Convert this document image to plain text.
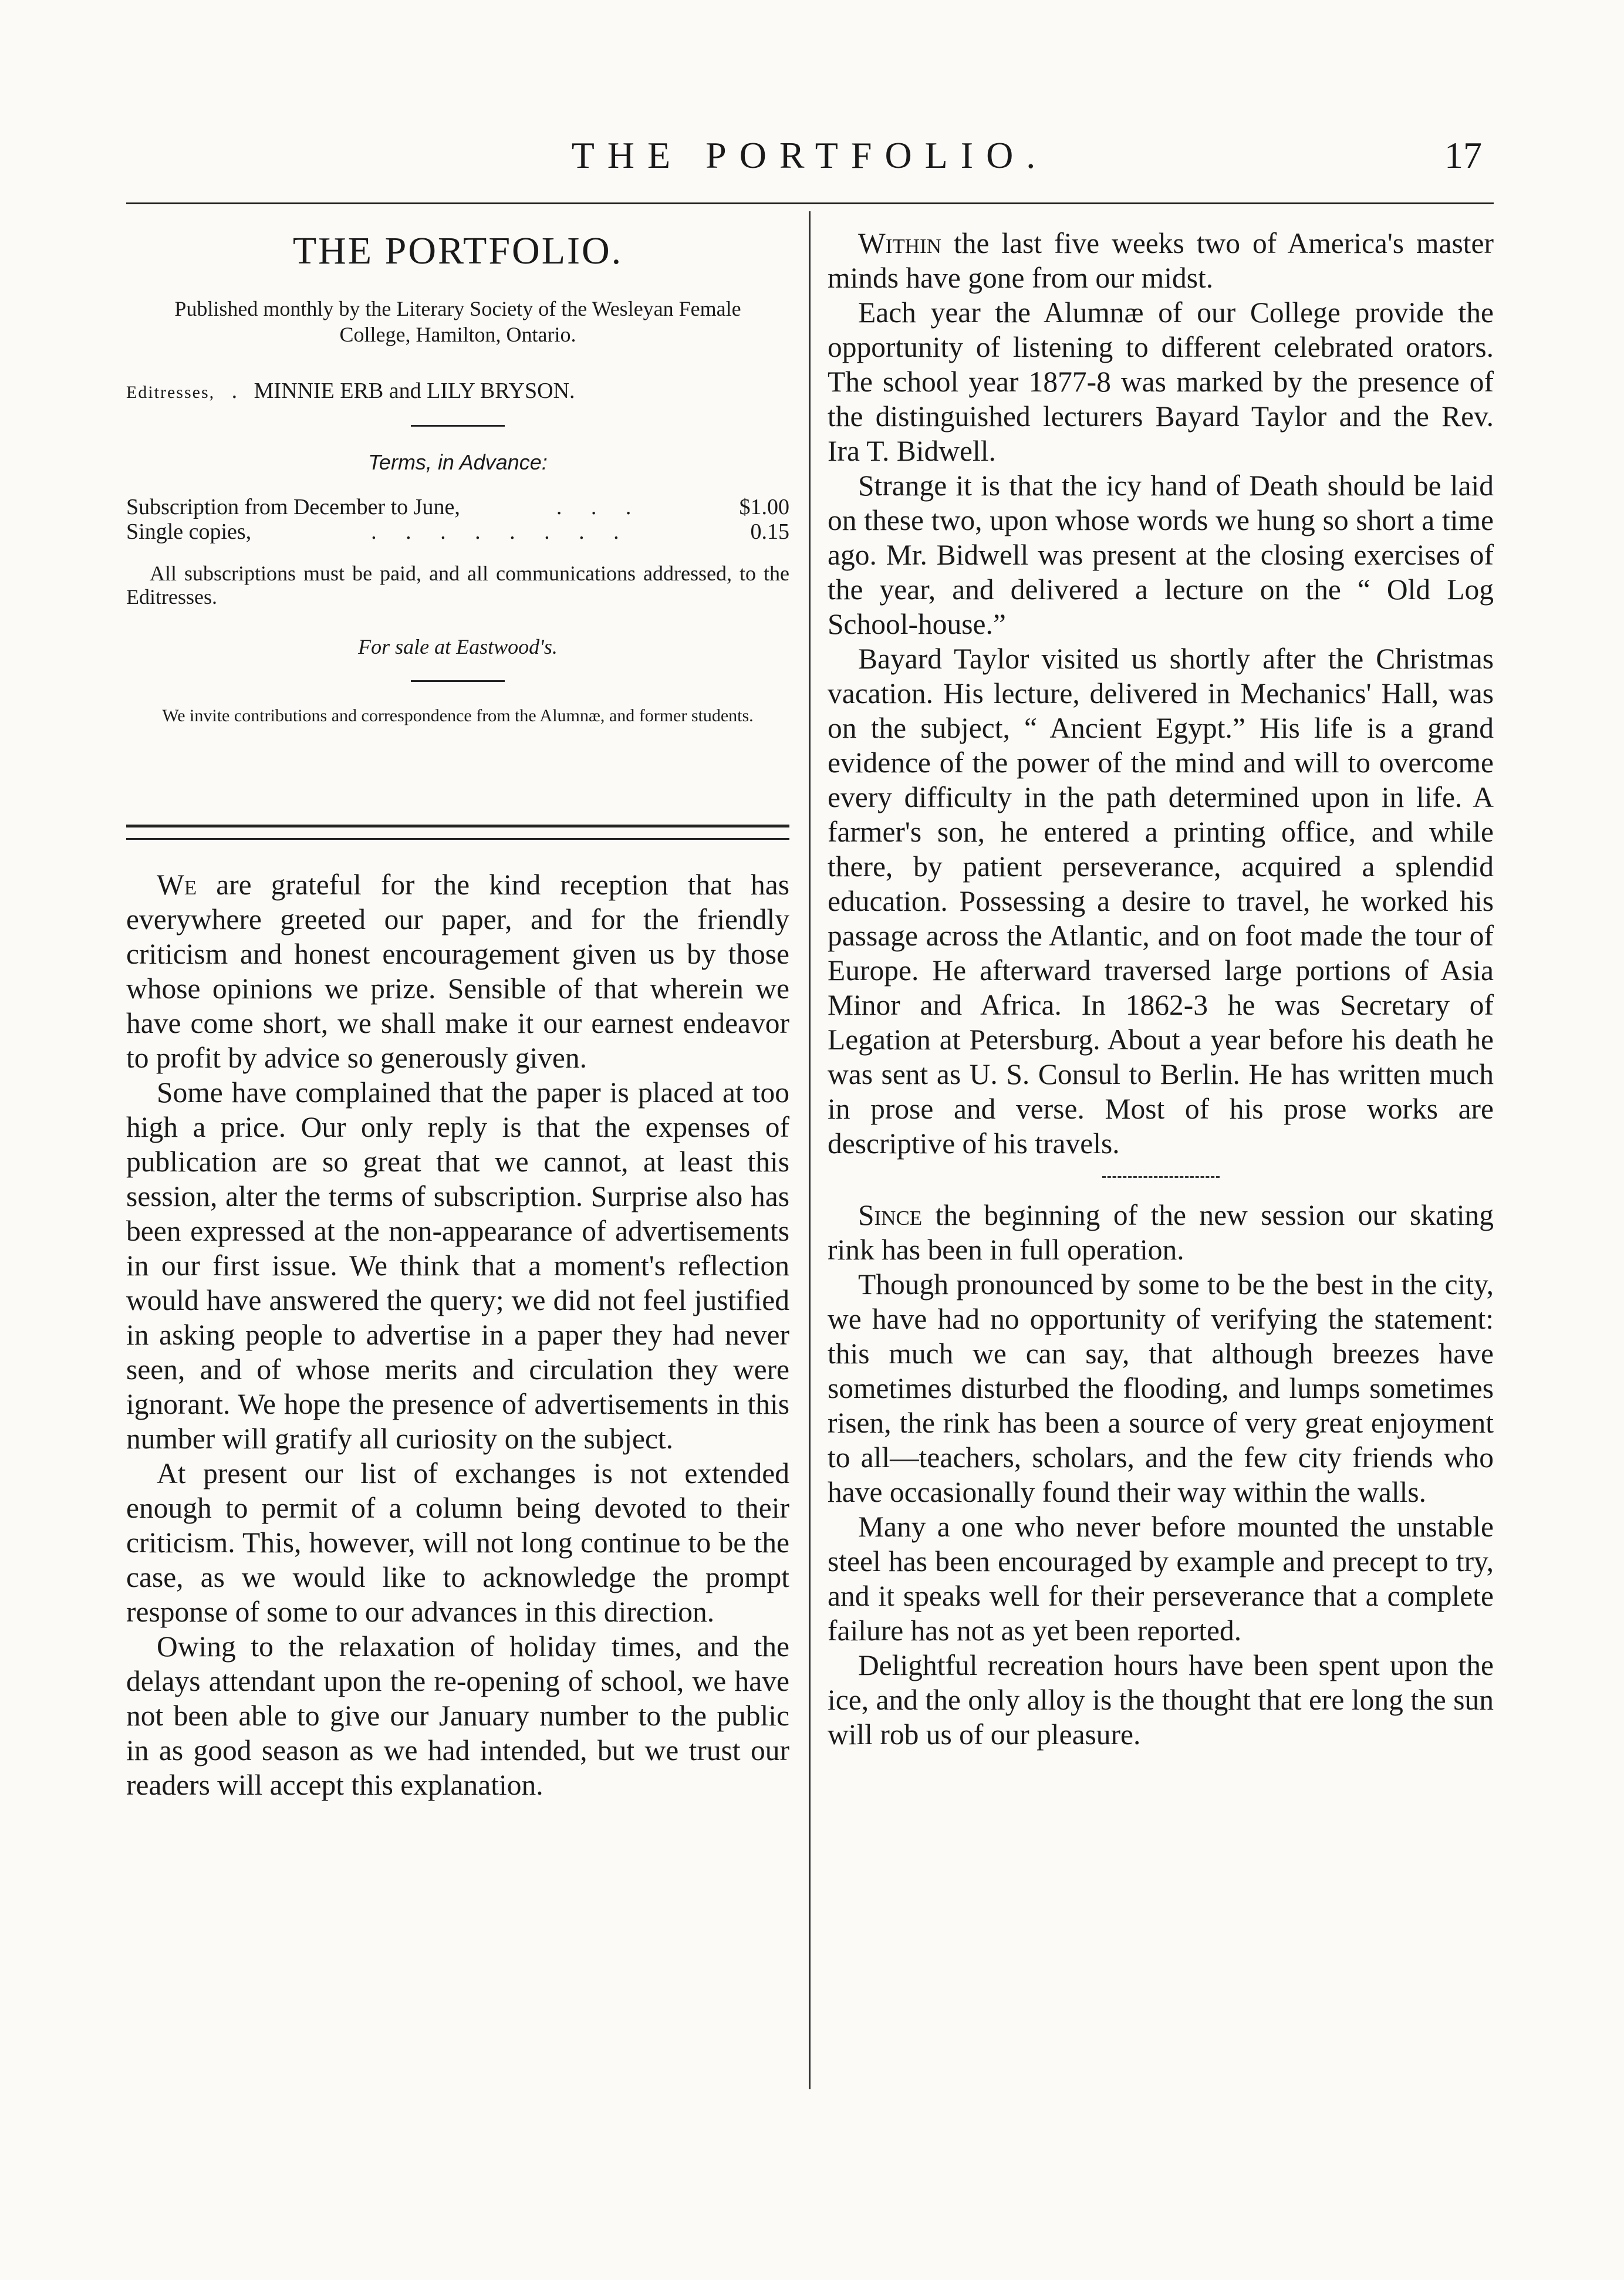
THE PORTFOLIO.	17
THE PORTFOLIO.
Published monthly by the Literary Society of the Wesleyan Female College, Hamilton, Ontario.
Editresses,   .   MINNIE ERB and LILY BRYSON.
Terms, in Advance:
Subscription from December to June,	. . .	$1.00
Single copies,	. . . . . . . .	0.15
All subscriptions must be paid, and all communications addressed, to the Editresses.
For sale at Eastwood's.
We invite contributions and correspondence from the Alumnæ, and former students.

We are grateful for the kind reception that has everywhere greeted our paper, and for the friendly criticism and honest encouragement given us by those whose opinions we prize. Sensible of that wherein we have come short, we shall make it our earnest endeavor to profit by advice so generously given.

Some have complained that the paper is placed at too high a price. Our only reply is that the expenses of publication are so great that we cannot, at least this session, alter the terms of subscription. Surprise also has been expressed at the non-appearance of advertisements in our first issue. We think that a moment's reflection would have answered the query; we did not feel justified in asking people to advertise in a paper they had never seen, and of whose merits and circulation they were ignorant. We hope the presence of advertisements in this number will gratify all curiosity on the subject.

At present our list of exchanges is not extended enough to permit of a column being devoted to their criticism. This, however, will not long continue to be the case, as we would like to acknowledge the prompt response of some to our advances in this direction.

Owing to the relaxation of holiday times, and the delays attendant upon the re-opening of school, we have not been able to give our January number to the public in as good season as we had intended, but we trust our readers will accept this explanation.

Within the last five weeks two of America's master minds have gone from our midst.

Each year the Alumnæ of our College provide the opportunity of listening to different celebrated orators. The school year 1877-8 was marked by the presence of the distinguished lecturers Bayard Taylor and the Rev. Ira T. Bidwell.

Strange it is that the icy hand of Death should be laid on these two, upon whose words we hung so short a time ago. Mr. Bidwell was present at the closing exercises of the year, and delivered a lecture on the “ Old Log School-house.”

Bayard Taylor visited us shortly after the Christmas vacation. His lecture, delivered in Mechanics' Hall, was on the subject, “ Ancient Egypt.” His life is a grand evidence of the power of the mind and will to overcome every difficulty in the path determined upon in life. A farmer's son, he entered a printing office, and while there, by patient perseverance, acquired a splendid education. Possessing a desire to travel, he worked his passage across the Atlantic, and on foot made the tour of Europe. He afterward traversed large portions of Asia Minor and Africa. In 1862-3 he was Secretary of Legation at Petersburg. About a year before his death he was sent as U. S. Consul to Berlin. He has written much in prose and verse. Most of his prose works are descriptive of his travels.

Since the beginning of the new session our skating rink has been in full operation.

Though pronounced by some to be the best in the city, we have had no opportunity of verifying the statement: this much we can say, that although breezes have sometimes disturbed the flooding, and lumps sometimes risen, the rink has been a source of very great enjoyment to all—teachers, scholars, and the few city friends who have occasionally found their way within the walls.

Many a one who never before mounted the unstable steel has been encouraged by example and precept to try, and it speaks well for their perseverance that a complete failure has not as yet been reported.

Delightful recreation hours have been spent upon the ice, and the only alloy is the thought that ere long the sun will rob us of our pleasure.
